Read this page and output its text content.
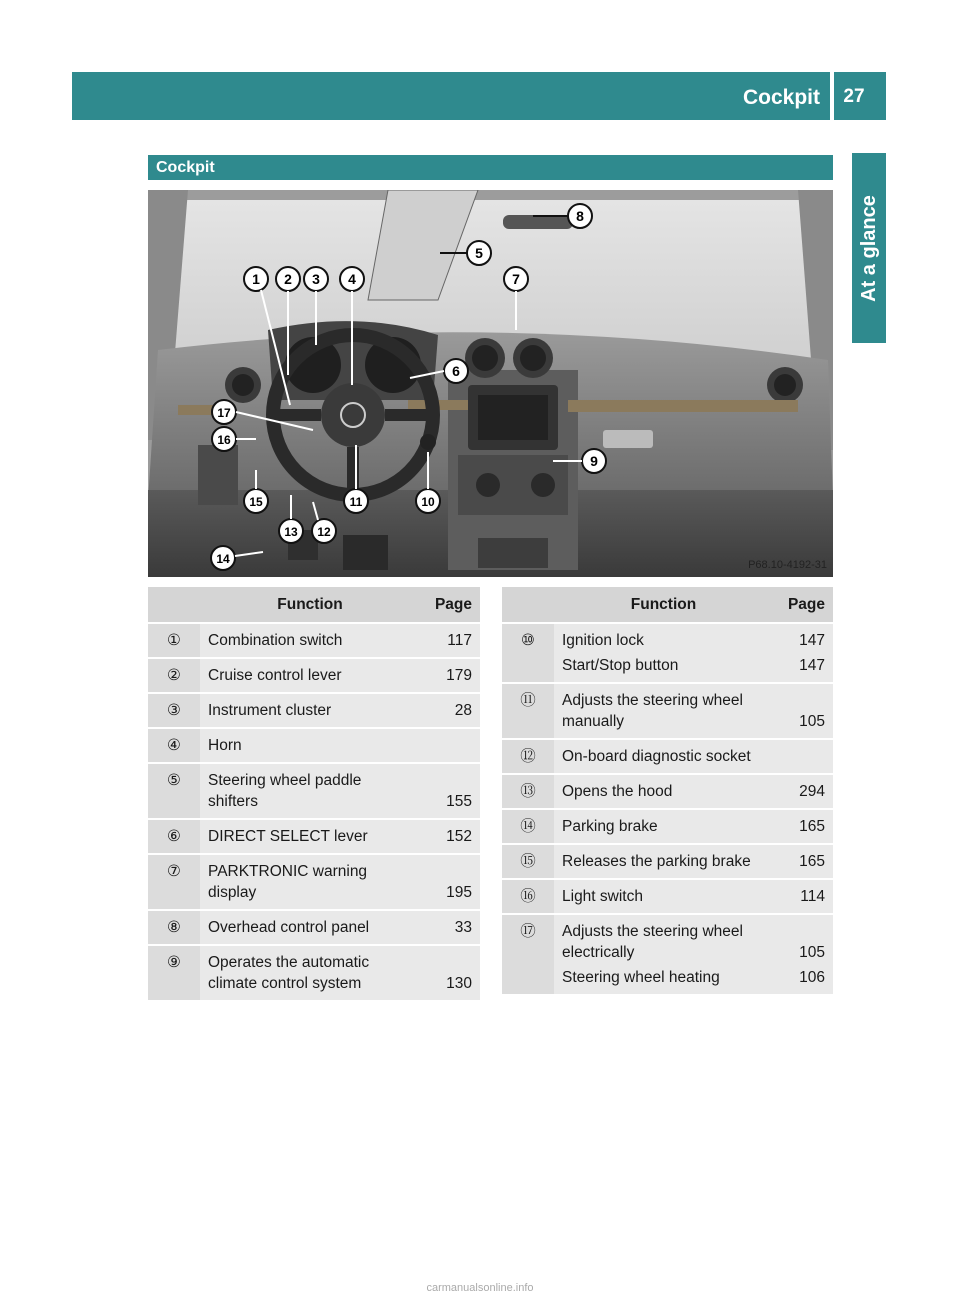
Cockpit	27
At a glance
Cockpit
1 2 3 4
5
6
7
8
9
10
11
12
13
14
15
16
17
P68.10-4192-31
	Function	Page
①	Combination switch	117
②	Cruise control lever	179
③	Instrument cluster	28
④	Horn	
⑤	Steering wheel paddle shifters	155
⑥	DIRECT SELECT lever	152
⑦	PARKTRONIC warning display	195
⑧	Overhead control panel	33
⑨	Operates the automatic climate control system	130
	Function	Page
⑩	Ignition lock	147
	Start/Stop button	147
⑪	Adjusts the steering wheel manually	105
⑫	On-board diagnostic socket	
⑬	Opens the hood	294
⑭	Parking brake	165
⑮	Releases the parking brake	165
⑯	Light switch	114
⑰	Adjusts the steering wheel electrically	105
	Steering wheel heating	106
carmanualsonline.info
